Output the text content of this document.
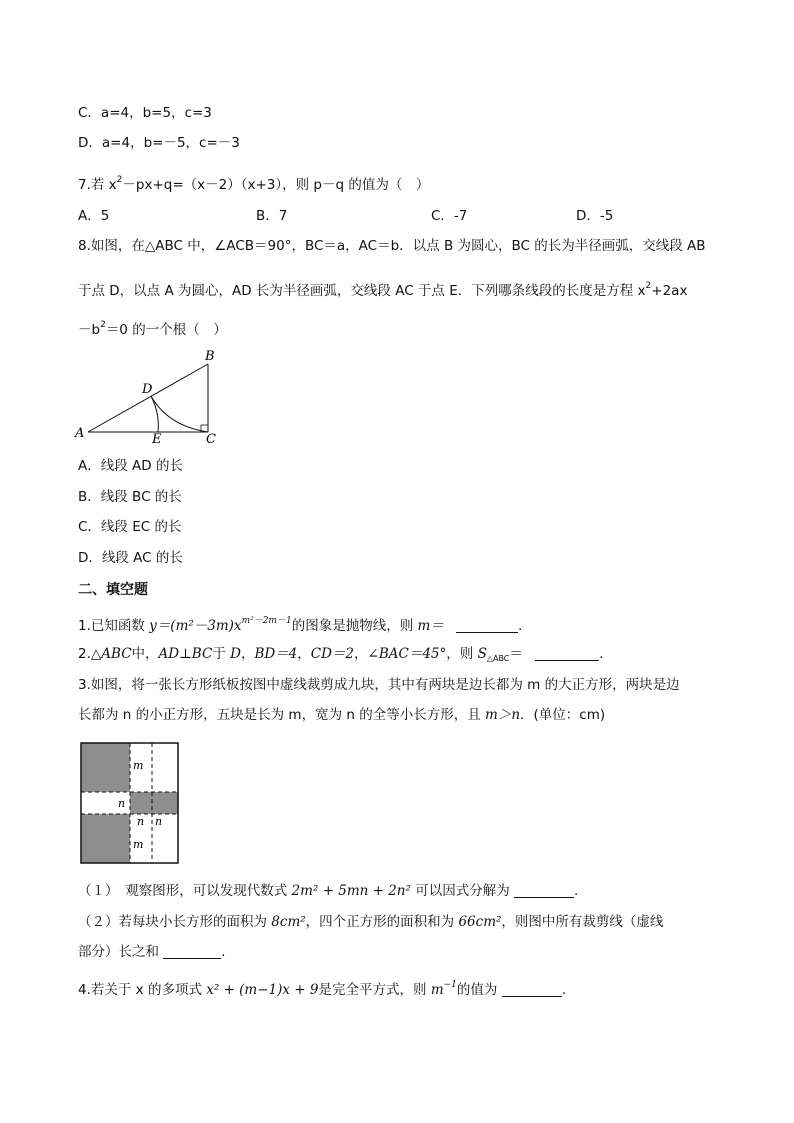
C．a=4，b=5，c=3
D．a=4，b=－5，c=－3
7.若 $x^2-px+q=(x-2)(x+3)$，则 p－q 的值为（　）
A．5	B．7	C．-7	D．-5
8.如图，在△ABC 中，∠ACB＝90°，BC＝a，AC＝b．以点 B 为圆心，BC 的长为半径画弧，交线段 AB
于点 D，以点 A 为圆心，AD 长为半径画弧，交线段 AC 于点 E．下列哪条线段的长度是方程 $x^2+2ax$
$-b^2=0$ 的一个根（　）
A
B
C
D
E
A．线段 AD 的长
B．线段 BC 的长
C．线段 EC 的长
D．线段 AC 的长
二、填空题
1.已知函数 $y=(m^2-3m)x^{m^2-2m-1}$的图象是抛物线，则 m＝	．
2.△ABC中，AD⊥BC于 D，BD＝4，CD＝2，∠BAC＝45°，则 $S_{\triangle ABC}=$	．
3.如图，将一张长方形纸板按图中虚线裁剪成九块，其中有两块是边长都为 m 的大正方形，两块是边
长都为 n 的小正方形，五块是长为 m，宽为 n 的全等小长方形，且 m＞n．(单位：cm)
m
n
n n
m
（１）　观察图形，可以发现代数式 2m² + 5mn + 2n² 可以因式分解为	.
（２）若每块小长方形的面积为 8cm²，四个正方形的面积和为 66cm²，则图中所有裁剪线（虚线
部分）长之和	.
4.若关于 x 的多项式 x² + (m−1)x + 9是完全平方式，则 $m^{-1}$的值为	.
